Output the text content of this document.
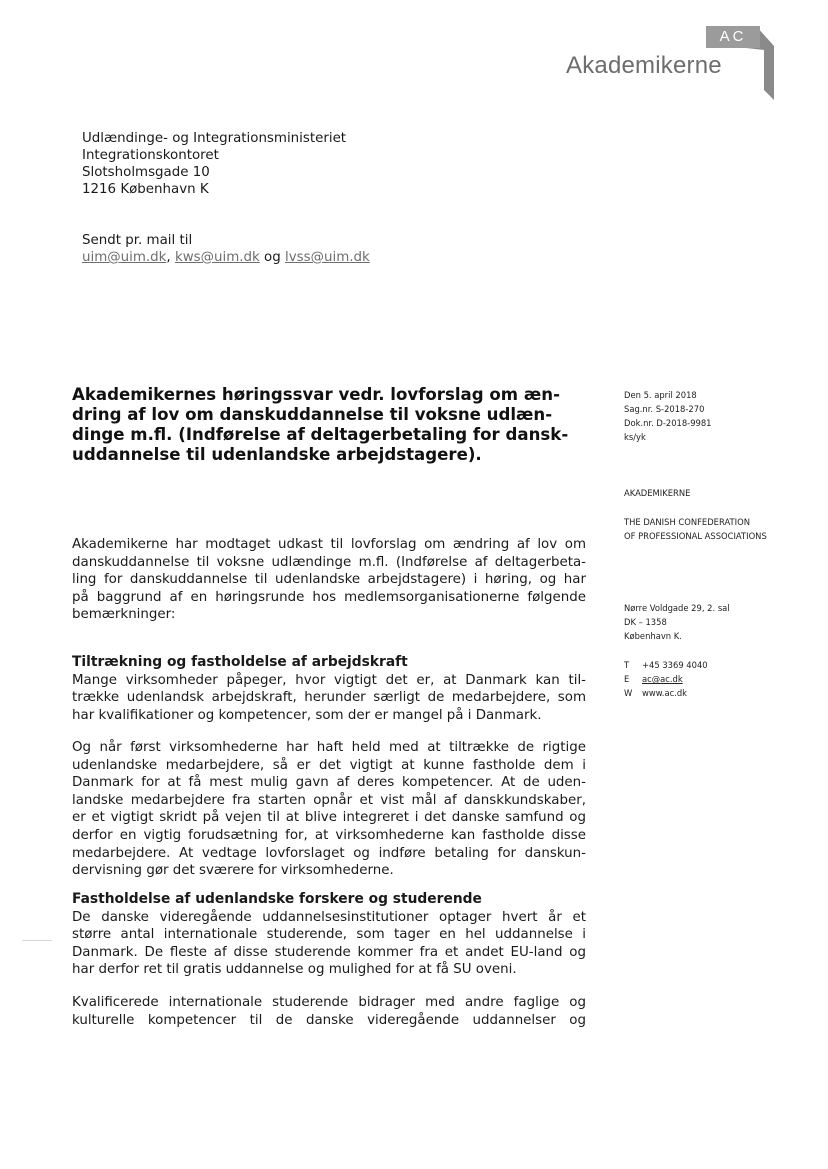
AC
Akademikerne
Udlændinge- og Integrationsministeriet
Integrationskontoret
Slotsholmsgade 10
1216 København K
Sendt pr. mail til
uim@uim.dk, kws@uim.dk og lvss@uim.dk
Akademikernes høringssvar vedr. lovforslag om æn-
dring af lov om danskuddannelse til voksne udlæn-
dinge m.fl. (Indførelse af deltagerbetaling for dansk-
uddannelse til udenlandske arbejdstagere).
Den 5. april 2018
Sag.nr. S-2018-270
Dok.nr. D-2018-9981
ks/yk
AKADEMIKERNE
THE DANISH CONFEDERATION
OF PROFESSIONAL ASSOCIATIONS
Nørre Voldgade 29, 2. sal
DK – 1358
København K.
T	+45 3369 4040
E	ac@ac.dk
W	www.ac.dk
Akademikerne har modtaget udkast til lovforslag om ændring af lov om
danskuddannelse til voksne udlændinge m.fl. (Indførelse af deltagerbeta-
ling for danskuddannelse til udenlandske arbejdstagere) i høring, og har
på baggrund af en høringsrunde hos medlemsorganisationerne følgende
bemærkninger:
Tiltrækning og fastholdelse af arbejdskraft
Mange virksomheder påpeger, hvor vigtigt det er, at Danmark kan til-
trække udenlandsk arbejdskraft, herunder særligt de medarbejdere, som
har kvalifikationer og kompetencer, som der er mangel på i Danmark.
Og når først virksomhederne har haft held med at tiltrække de rigtige
udenlandske medarbejdere, så er det vigtigt at kunne fastholde dem i
Danmark for at få mest mulig gavn af deres kompetencer. At de uden-
landske medarbejdere fra starten opnår et vist mål af danskkundskaber,
er et vigtigt skridt på vejen til at blive integreret i det danske samfund og
derfor en vigtig forudsætning for, at virksomhederne kan fastholde disse
medarbejdere. At vedtage lovforslaget og indføre betaling for danskun-
dervisning gør det sværere for virksomhederne.
Fastholdelse af udenlandske forskere og studerende
De danske videregående uddannelsesinstitutioner optager hvert år et
større antal internationale studerende, som tager en hel uddannelse i
Danmark. De fleste af disse studerende kommer fra et andet EU-land og
har derfor ret til gratis uddannelse og mulighed for at få SU oveni.
Kvalificerede internationale studerende bidrager med andre faglige og
kulturelle kompetencer til de danske videregående uddannelser og
